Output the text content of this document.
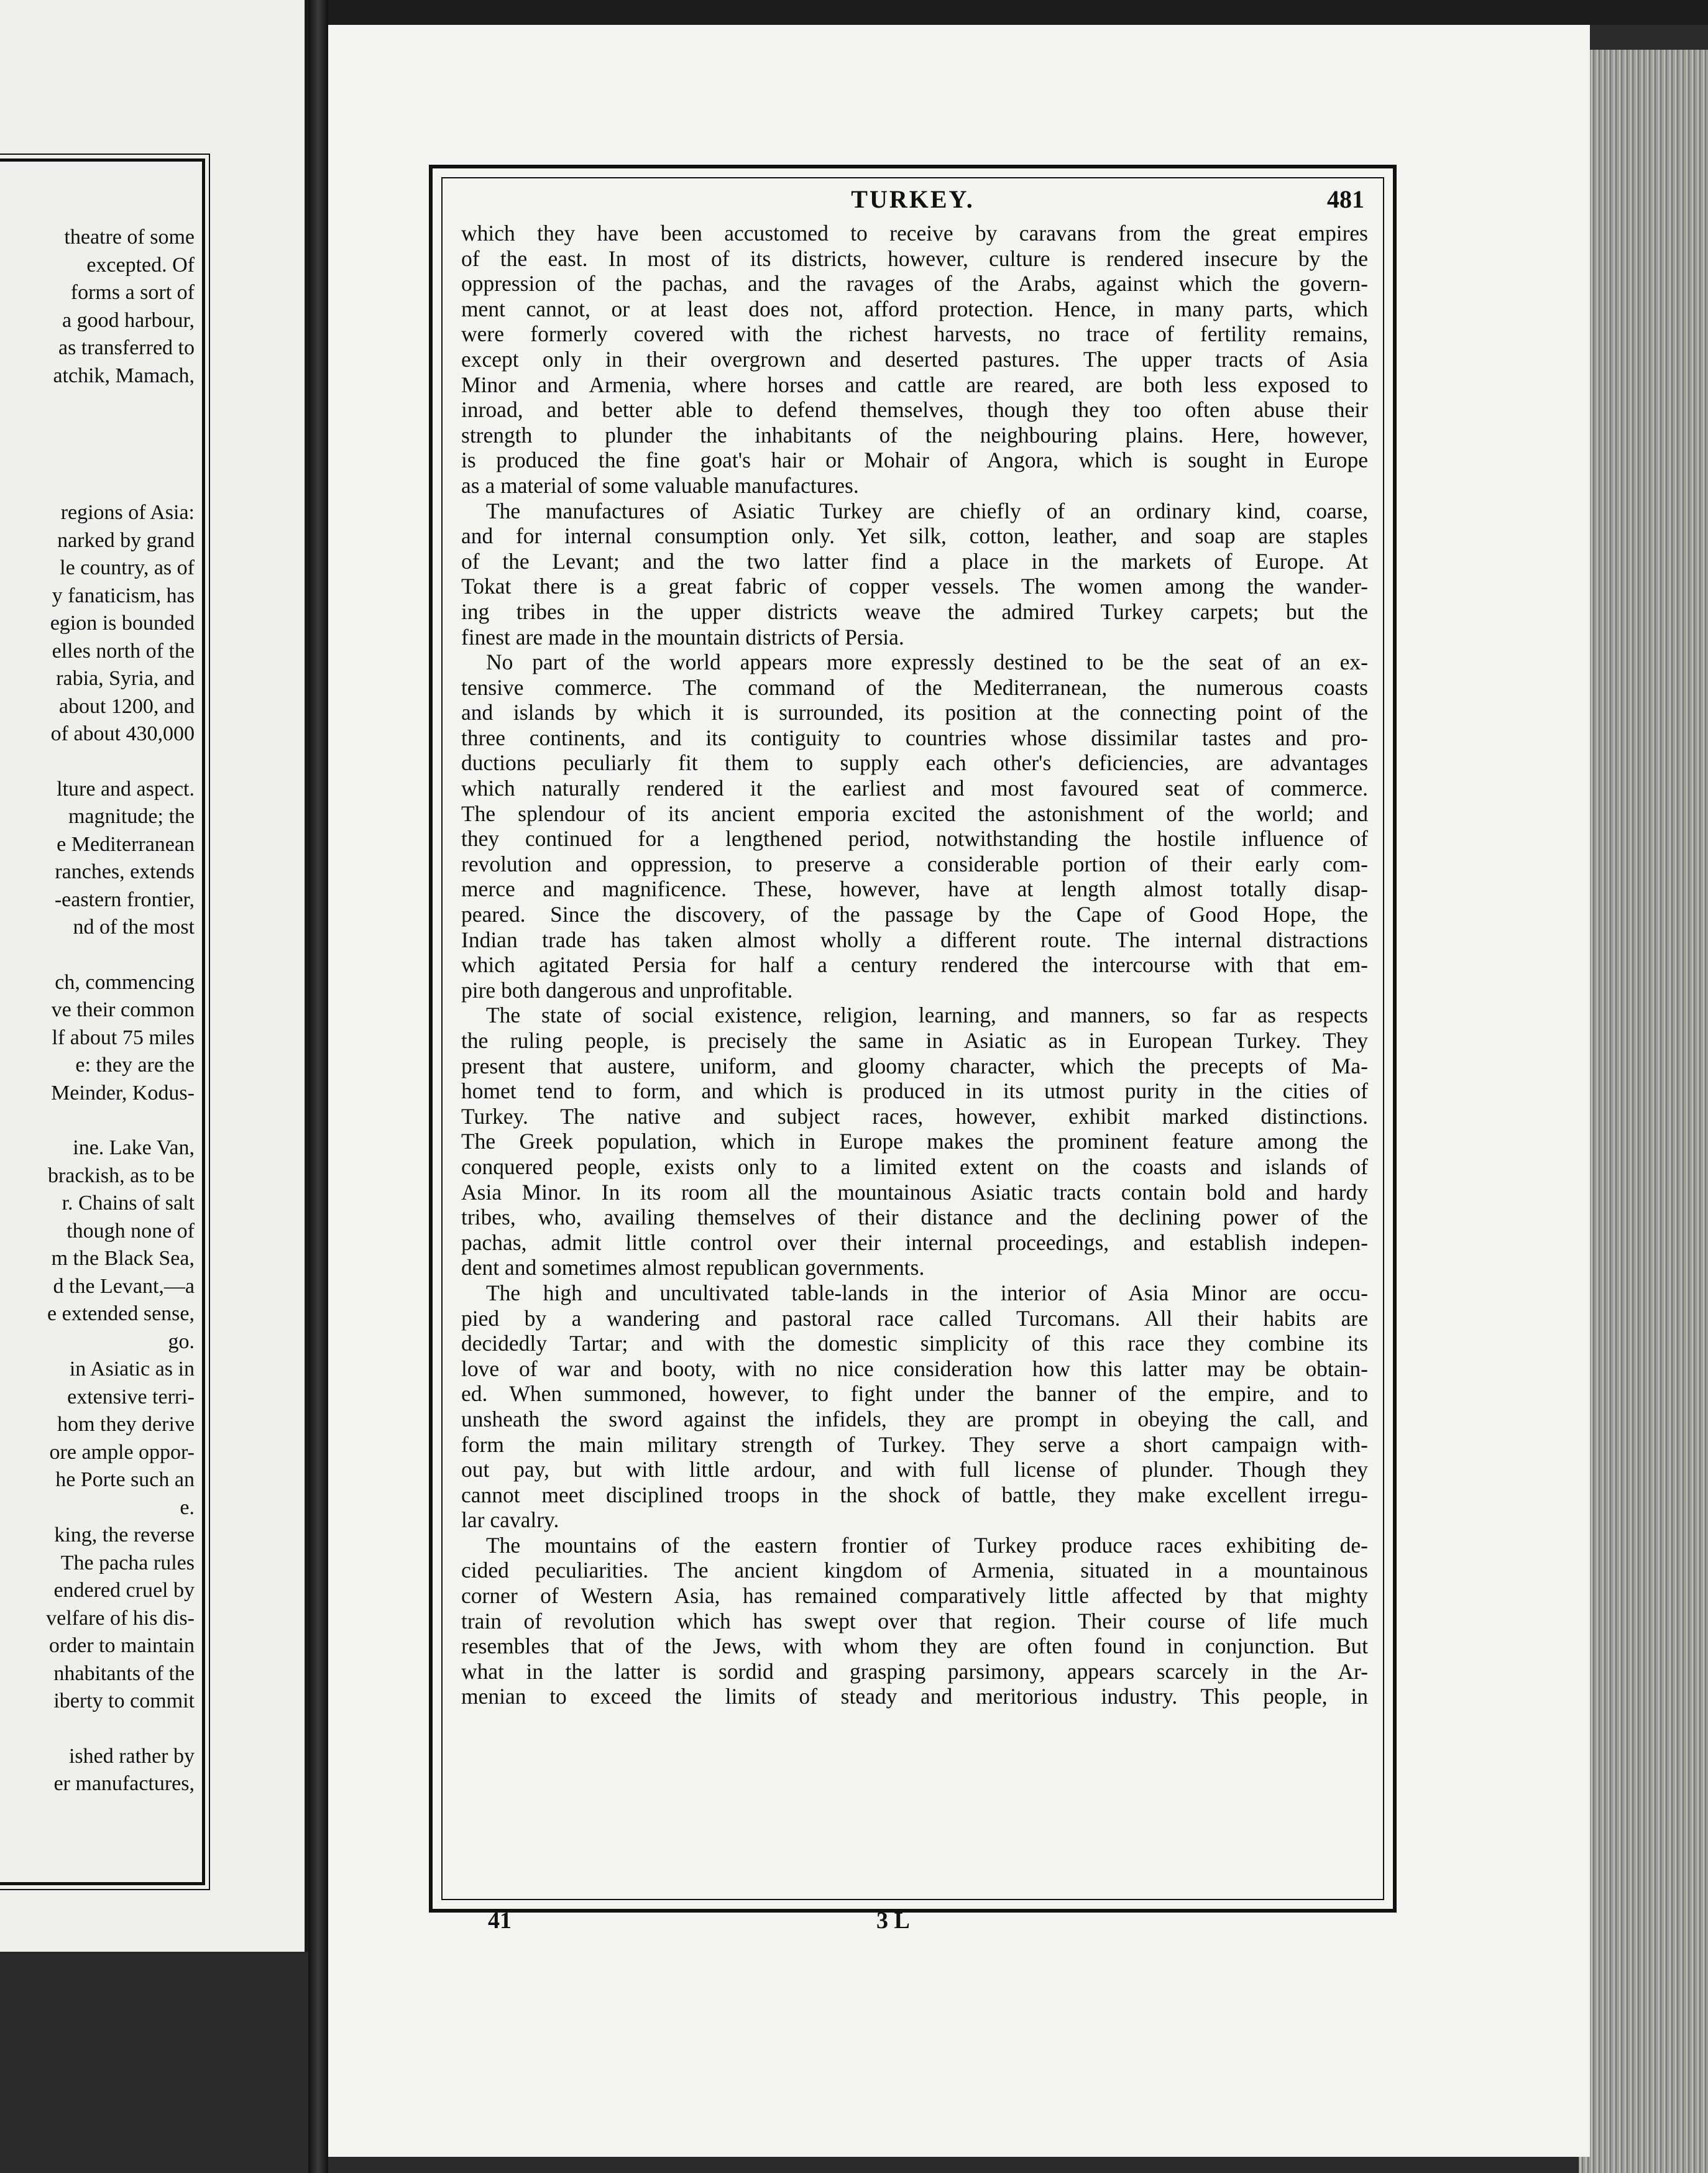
theatre of some
excepted. Of
forms a sort of
a good harbour,
as transferred to
atchik, Mamach,
regions of Asia:
narked by grand
le country, as of
y fanaticism, has
egion is bounded
elles north of the
rabia, Syria, and
about 1200, and
of about 430,000
lture and aspect.
magnitude; the
e Mediterranean
ranches, extends
-eastern frontier,
nd of the most
ch, commencing
ve their common
lf about 75 miles
e: they are the
Meinder, Kodus-
ine. Lake Van,
brackish, as to be
r. Chains of salt
though none of
m the Black Sea,
d the Levant,—a
e extended sense,
go.
in Asiatic as in
extensive terri-
hom they derive
ore ample oppor-
he Porte such an
e.
king, the reverse
The pacha rules
endered cruel by
velfare of his dis-
order to maintain
nhabitants of the
iberty to commit
ished rather by
er manufactures,
TURKEY.	481
which they have been accustomed to receive by caravans from the great empires
of the east. In most of its districts, however, culture is rendered insecure by the
oppression of the pachas, and the ravages of the Arabs, against which the govern-
ment cannot, or at least does not, afford protection. Hence, in many parts, which
were formerly covered with the richest harvests, no trace of fertility remains,
except only in their overgrown and deserted pastures. The upper tracts of Asia
Minor and Armenia, where horses and cattle are reared, are both less exposed to
inroad, and better able to defend themselves, though they too often abuse their
strength to plunder the inhabitants of the neighbouring plains. Here, however,
is produced the fine goat's hair or Mohair of Angora, which is sought in Europe
as a material of some valuable manufactures.
The manufactures of Asiatic Turkey are chiefly of an ordinary kind, coarse,
and for internal consumption only. Yet silk, cotton, leather, and soap are staples
of the Levant; and the two latter find a place in the markets of Europe. At
Tokat there is a great fabric of copper vessels. The women among the wander-
ing tribes in the upper districts weave the admired Turkey carpets; but the
finest are made in the mountain districts of Persia.
No part of the world appears more expressly destined to be the seat of an ex-
tensive commerce. The command of the Mediterranean, the numerous coasts
and islands by which it is surrounded, its position at the connecting point of the
three continents, and its contiguity to countries whose dissimilar tastes and pro-
ductions peculiarly fit them to supply each other's deficiencies, are advantages
which naturally rendered it the earliest and most favoured seat of commerce.
The splendour of its ancient emporia excited the astonishment of the world; and
they continued for a lengthened period, notwithstanding the hostile influence of
revolution and oppression, to preserve a considerable portion of their early com-
merce and magnificence. These, however, have at length almost totally disap-
peared. Since the discovery, of the passage by the Cape of Good Hope, the
Indian trade has taken almost wholly a different route. The internal distractions
which agitated Persia for half a century rendered the intercourse with that em-
pire both dangerous and unprofitable.
The state of social existence, religion, learning, and manners, so far as respects
the ruling people, is precisely the same in Asiatic as in European Turkey. They
present that austere, uniform, and gloomy character, which the precepts of Ma-
homet tend to form, and which is produced in its utmost purity in the cities of
Turkey. The native and subject races, however, exhibit marked distinctions.
The Greek population, which in Europe makes the prominent feature among the
conquered people, exists only to a limited extent on the coasts and islands of
Asia Minor. In its room all the mountainous Asiatic tracts contain bold and hardy
tribes, who, availing themselves of their distance and the declining power of the
pachas, admit little control over their internal proceedings, and establish indepen-
dent and sometimes almost republican governments.
The high and uncultivated table-lands in the interior of Asia Minor are occu-
pied by a wandering and pastoral race called Turcomans. All their habits are
decidedly Tartar; and with the domestic simplicity of this race they combine its
love of war and booty, with no nice consideration how this latter may be obtain-
ed. When summoned, however, to fight under the banner of the empire, and to
unsheath the sword against the infidels, they are prompt in obeying the call, and
form the main military strength of Turkey. They serve a short campaign with-
out pay, but with little ardour, and with full license of plunder. Though they
cannot meet disciplined troops in the shock of battle, they make excellent irregu-
lar cavalry.
The mountains of the eastern frontier of Turkey produce races exhibiting de-
cided peculiarities. The ancient kingdom of Armenia, situated in a mountainous
corner of Western Asia, has remained comparatively little affected by that mighty
train of revolution which has swept over that region. Their course of life much
resembles that of the Jews, with whom they are often found in conjunction. But
what in the latter is sordid and grasping parsimony, appears scarcely in the Ar-
menian to exceed the limits of steady and meritorious industry. This people, in
41	3 L
